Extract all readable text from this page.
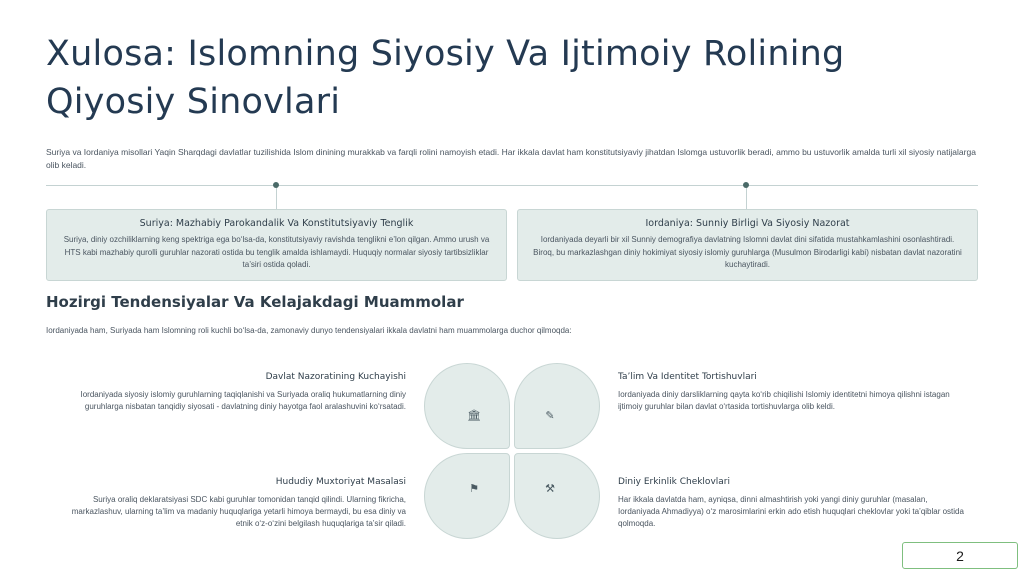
Xulosa: Islomning Siyosiy Va Ijtimoiy Rolining Qiyosiy Sinovlari

Suriya va Iordaniya misollari Yaqin Sharqdagi davlatlar tuzilishida Islom dinining murakkab va farqli rolini namoyish etadi. Har ikkala davlat ham konstitutsiyaviy jihatdan Islomga ustuvorlik beradi, ammo bu ustuvorlik amalda turli xil siyosiy natijalarga olib keladi.

Suriya: Mazhabiy Parokandalik Va Konstitutsiyaviy Tenglik
Suriya, diniy ozchiliklarning keng spektriga ega bo‘lsa-da, konstitutsiyaviy ravishda tenglikni e’lon qilgan. Ammo urush va HTS kabi mazhabiy qurolli guruhlar nazorati ostida bu tenglik amalda ishlamaydi. Huquqiy normalar siyosiy tartibsizliklar ta’siri ostida qoladi.
Iordaniya: Sunniy Birligi Va Siyosiy Nazorat
Iordaniyada deyarli bir xil Sunniy demografiya davlatning Islomni davlat dini sifatida mustahkamlashini osonlashtiradi. Biroq, bu markazlashgan diniy hokimiyat siyosiy islomiy guruhlarga (Musulmon Birodarligi kabi) nisbatan davlat nazoratini kuchaytiradi.
Hozirgi Tendensiyalar Va Kelajakdagi Muammolar

Iordaniyada ham, Suriyada ham Islomning roli kuchli bo‘lsa-da, zamonaviy dunyo tendensiyalari ikkala davlatni ham muammolarga duchor qilmoqda:

Davlat Nazoratining Kuchayishi
Iordaniyada siyosiy islomiy guruhlarning taqiqlanishi va Suriyada oraliq hukumatlarning diniy guruhlarga nisbatan tanqidiy siyosati - davlatning diniy hayotga faol aralashuvini ko‘rsatadi.
Ta’lim Va Identitet Tortishuvlari
Iordaniyada diniy darsliklarning qayta ko‘rib chiqilishi Islomiy identitetni himoya qilishni istagan ijtimoiy guruhlar bilan davlat o‘rtasida tortishuvlarga olib keldi.
Hududiy Muxtoriyat Masalasi
Suriya oraliq deklaratsiyasi SDC kabi guruhlar tomonidan tanqid qilindi. Ularning fikricha, markazlashuv, ularning ta’lim va madaniy huquqlariga yetarli himoya bermaydi, bu esa diniy va etnik o‘z-o‘zini belgilash huquqlariga ta’sir qiladi.
Diniy Erkinlik Cheklovlari
Har ikkala davlatda ham, ayniqsa, dinni almashtirish yoki yangi diniy guruhlar (masalan, Iordaniyada Ahmadiyya) o‘z marosimlarini erkin ado etish huquqlari cheklovlar yoki ta’qiblar ostida qolmoqda.
🏛	✎
⚑	⚒
2
